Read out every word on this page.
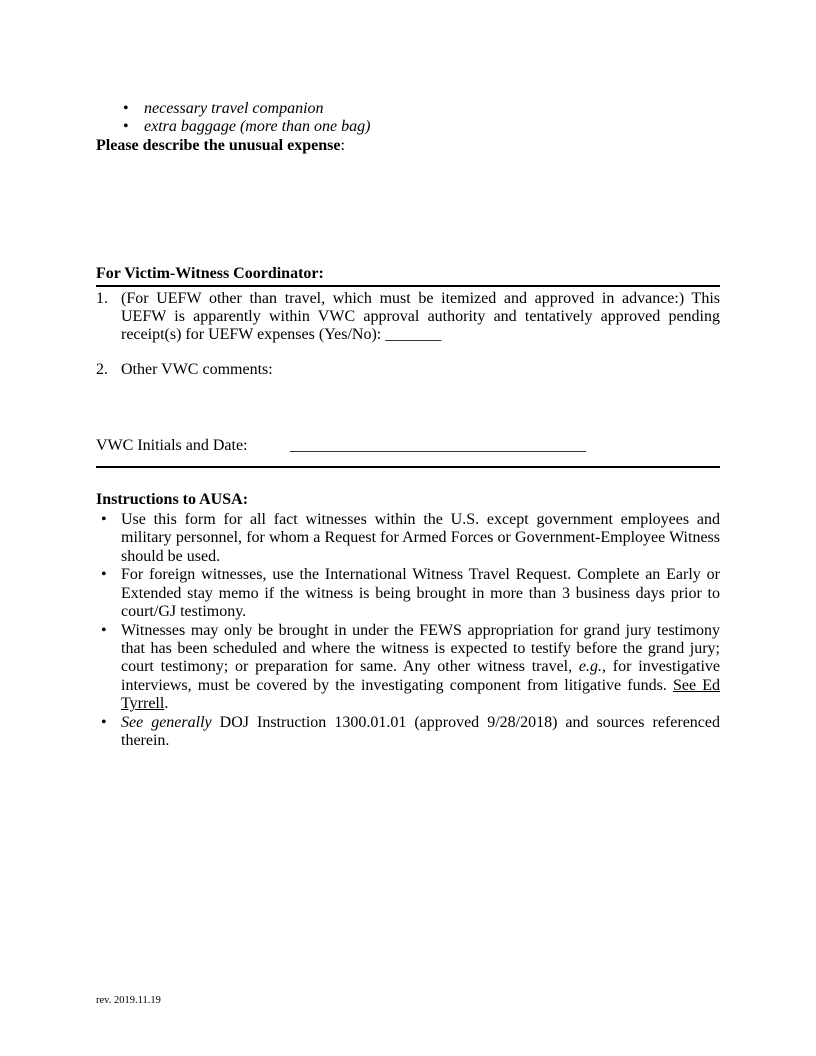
• necessary travel companion
• extra baggage (more than one bag)

Please describe the unusual expense:

For Victim-Witness Coordinator:
1. (For UEFW other than travel, which must be itemized and approved in advance:) This UEFW is apparently within VWC approval authority and tentatively approved pending receipt(s) for UEFW expenses (Yes/No): _______
2. Other VWC comments:
VWC Initials and Date:	_____________________________________
Instructions to AUSA:
• Use this form for all fact witnesses within the U.S. except government employees and military personnel, for whom a Request for Armed Forces or Government-Employee Witness should be used.
• For foreign witnesses, use the International Witness Travel Request. Complete an Early or Extended stay memo if the witness is being brought in more than 3 business days prior to court/GJ testimony.
• Witnesses may only be brought in under the FEWS appropriation for grand jury testimony that has been scheduled and where the witness is expected to testify before the grand jury; court testimony; or preparation for same. Any other witness travel, e.g., for investigative interviews, must be covered by the investigating component from litigative funds. See Ed Tyrrell.
• See generally DOJ Instruction 1300.01.01 (approved 9/28/2018) and sources referenced therein.
rev. 2019.11.19
